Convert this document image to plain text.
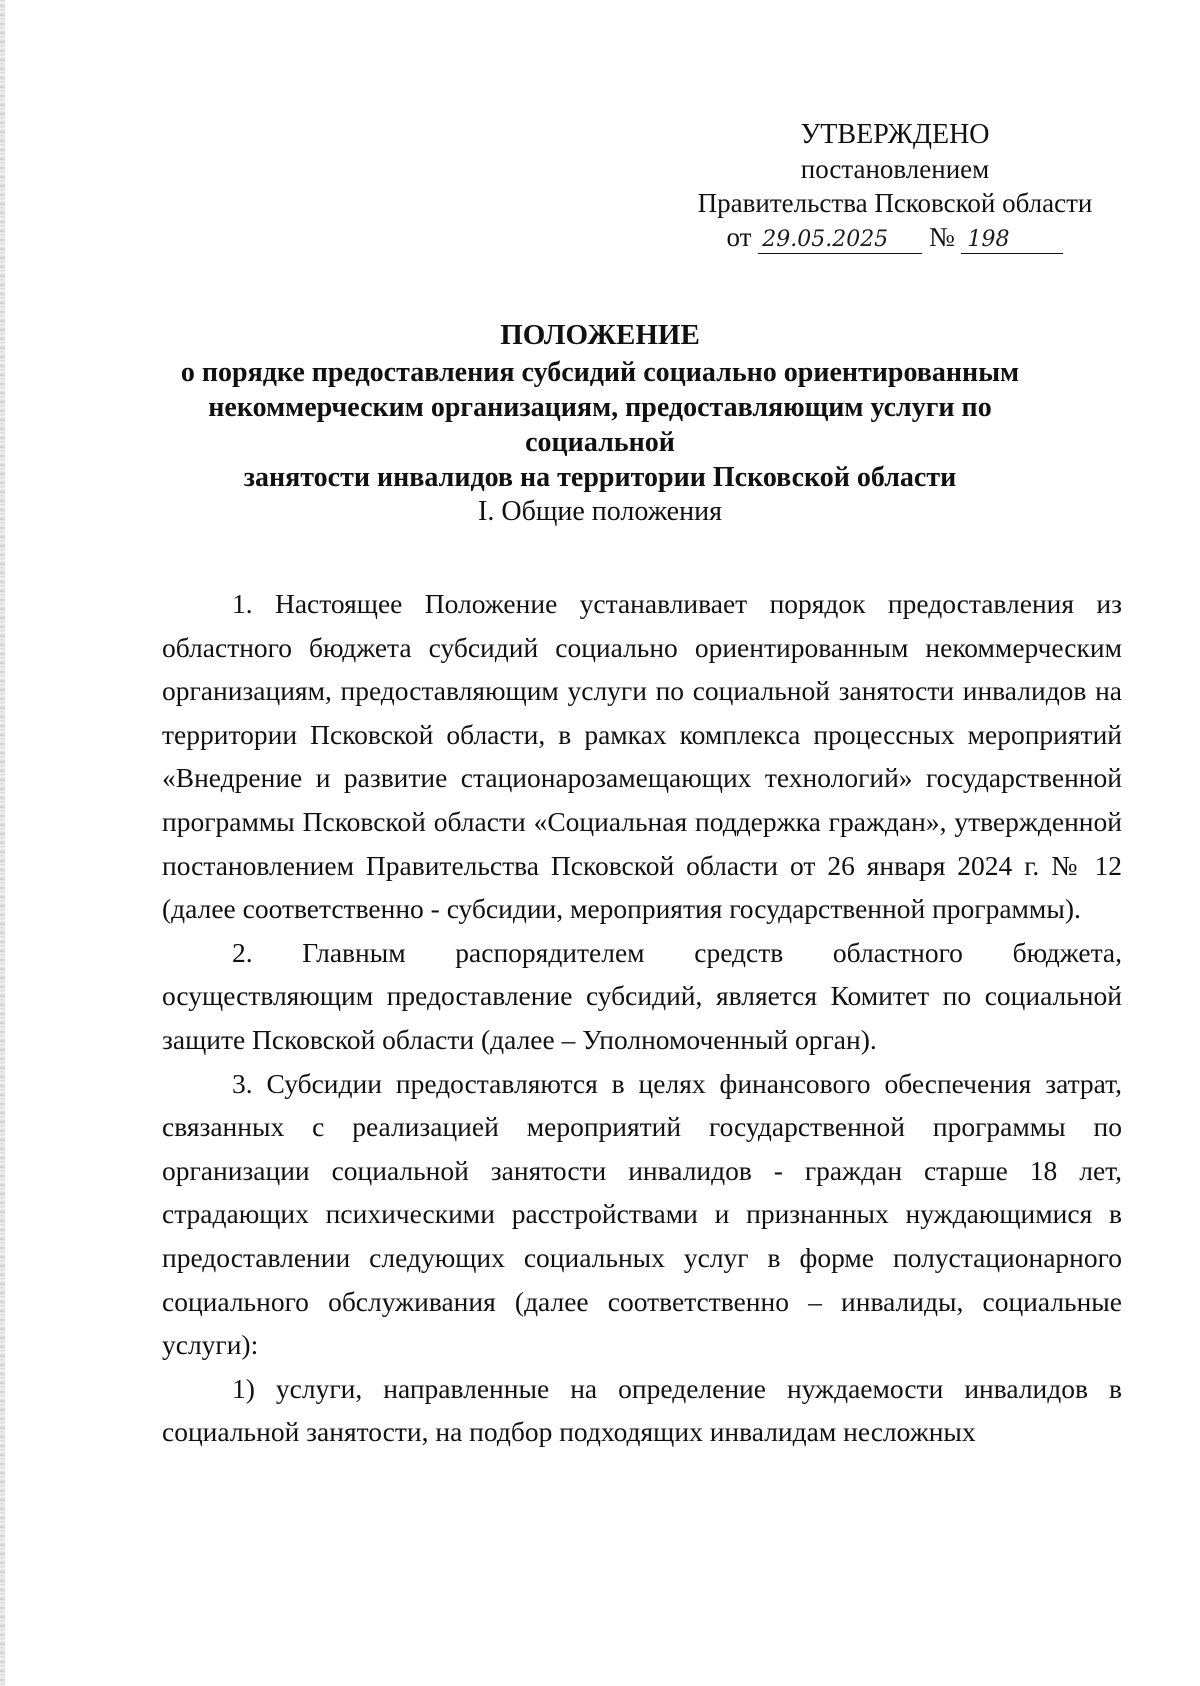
УТВЕРЖДЕНО
постановлением
Правительства Псковской области
от 29.05.2025 № 198
ПОЛОЖЕНИЕ
о порядке предоставления субсидий социально ориентированным
некоммерческим организациям, предоставляющим услуги по социальной
занятости инвалидов на территории Псковской области
I. Общие положения

1. Настоящее Положение устанавливает порядок предоставления из областного бюджета субсидий социально ориентированным некоммерческим организациям, предоставляющим услуги по социальной занятости инвалидов на территории Псковской области, в рамках комплекса процессных мероприятий «Внедрение и развитие стационарозамещающих технологий» государственной программы Псковской области «Социальная поддержка граждан», утвержденной постановлением Правительства Псковской области от 26 января 2024 г. № 12 (далее соответственно - субсидии, мероприятия государственной программы).

2. Главным распорядителем средств областного бюджета, осуществляющим предоставление субсидий, является Комитет по социальной защите Псковской области (далее – Уполномоченный орган).

3. Субсидии предоставляются в целях финансового обеспечения затрат, связанных с реализацией мероприятий государственной программы по организации социальной занятости инвалидов - граждан старше 18 лет, страдающих психическими расстройствами и признанных нуждающимися в предоставлении следующих социальных услуг в форме полустационарного социального обслуживания (далее соответственно – инвалиды, социальные услуги):

1) услуги, направленные на определение нуждаемости инвалидов в социальной занятости, на подбор подходящих инвалидам несложных
